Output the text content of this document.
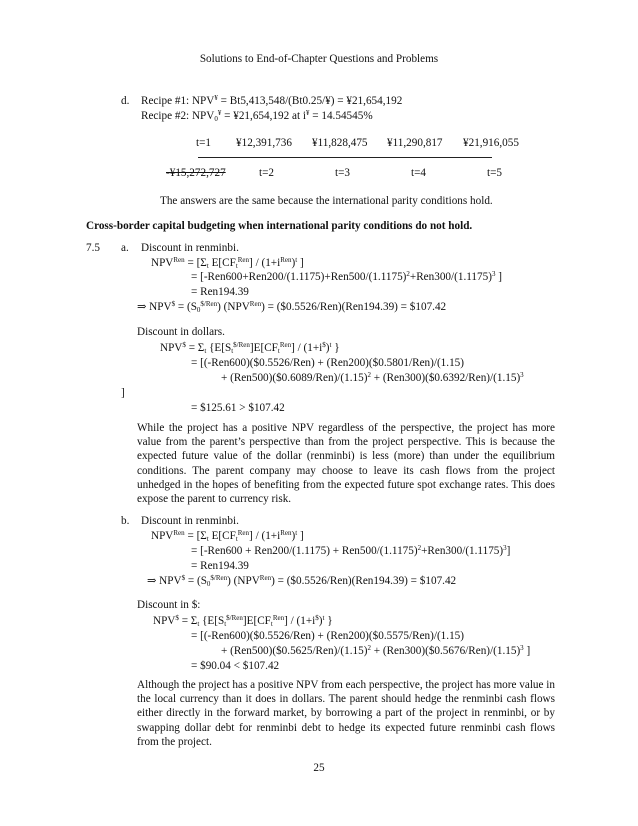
Solutions to End-of-Chapter Questions and Problems
d. Recipe #1: NPV¥ = Bt5,413,548/(Bt0.25/¥) = ¥21,654,192
Recipe #2: $NPV_0^¥$ = ¥21,654,192 at i¥ = 14.54545%
t=1 ¥12,391,736 ¥11,828,475 ¥11,290,817 ¥21,916,055
-¥15,272,727	t=2	t=3	t=4	t=5
The answers are the same because the international parity conditions hold.
Cross-border capital budgeting when international parity conditions do not hold.
7.5 a. Discount in renminbi.
$NPV^{Ren} = [\Sigma_t$ $E[CF_t^{Ren}] / (1+i^{Ren})^t$ ]
= [$-Ren600+Ren200/(1.1175)+Ren500/(1.1175)^2+Ren300/(1.1175)^3$ ]
= Ren194.39
⇒ $NPV^{\$} = (S_0^{\$/Ren}) (NPV^{Ren})$ = ($0.5526/Ren)(Ren194.39) = $107.42
Discount in dollars.
$NPV^{\$} = \Sigma_t$ {$E[S_t^{\$/Ren}]E[CF_t^{Ren}] / (1+i^{\$})^t$ }
= [(-Ren600)($0.5526/Ren) + (Ren200)($0.5801/Ren)/(1.15)
+ $(Ren500)(\$0.6089/Ren)/(1.15)^2$ + $(Ren300)(\$0.6392/Ren)/(1.15)^3$
]
= $125.61 > $107.42
While the project has a positive NPV regardless of the perspective, the project has more value from the parent’s perspective than from the project perspective. This is because the expected future value of the dollar (renminbi) is less (more) than under the equilibrium conditions. The parent company may choose to leave its cash flows from the project unhedged in the hopes of benefiting from the expected future spot exchange rates. This does expose the parent to currency risk.
b. Discount in renminbi.
$NPV^{Ren} = [\Sigma_t$ $E[CF_t^{Ren}] / (1+i^{Ren})^t$ ]
= $[-Ren600 + Ren200/(1.1175) + Ren500/(1.1175)^2+Ren300/(1.1175)^3]$
= Ren194.39
⇒ $NPV^{\$} = (S_0^{\$/Ren}) (NPV^{Ren})$ = ($0.5526/Ren)(Ren194.39) = $107.42
Discount in $:
$NPV^{\$} = \Sigma_t$ {$E[S_t^{\$/Ren}]E[CF_t^{Ren}] / (1+i^{\$})^t$ }
= [(-Ren600)($0.5526/Ren) + (Ren200)($0.5575/Ren)/(1.15)
+ $(Ren500)(\$0.5625/Ren)/(1.15)^2$ + $(Ren300)(\$0.5676/Ren)/(1.15)^3$ ]
= $90.04 < $107.42
Although the project has a positive NPV from each perspective, the project has more value in the local currency than it does in dollars. The parent should hedge the renminbi cash flows either directly in the forward market, by borrowing a part of the project in renminbi, or by swapping dollar debt for renminbi debt to hedge its expected future renminbi cash flows from the project.
25
